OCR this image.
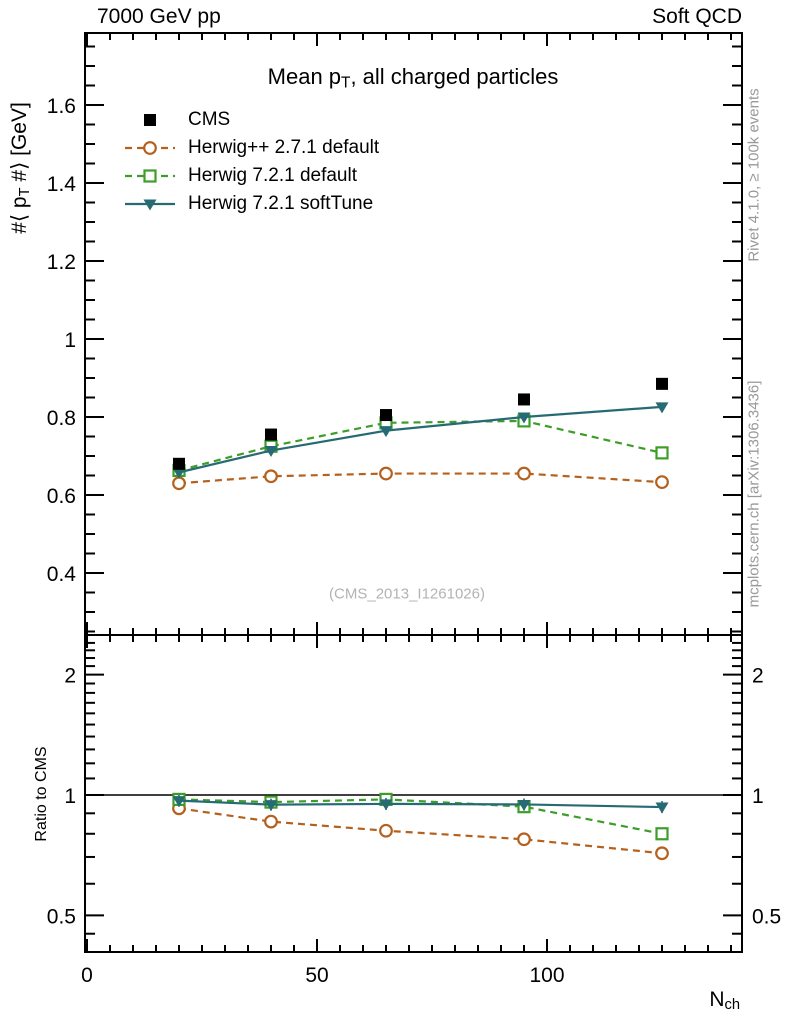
1.6
1.4
1.2
1
0.8
0.6
0.4
2	2
1	1
0.5	0.5
0	50	100
7000 GeV pp	Soft QCD
Mean $p_T$, all charged particles
#⟨ $p_T$ #⟩ [GeV]
Ratio to CMS
$N_{ch}$
CMS
Herwig++ 2.7.1 default
Herwig 7.2.1 default
Herwig 7.2.1 softTune
(CMS_2013_I1261026)
Rivet 4.1.0, ≥ 100k events
mcplots.cern.ch [arXiv:1306.3436]
